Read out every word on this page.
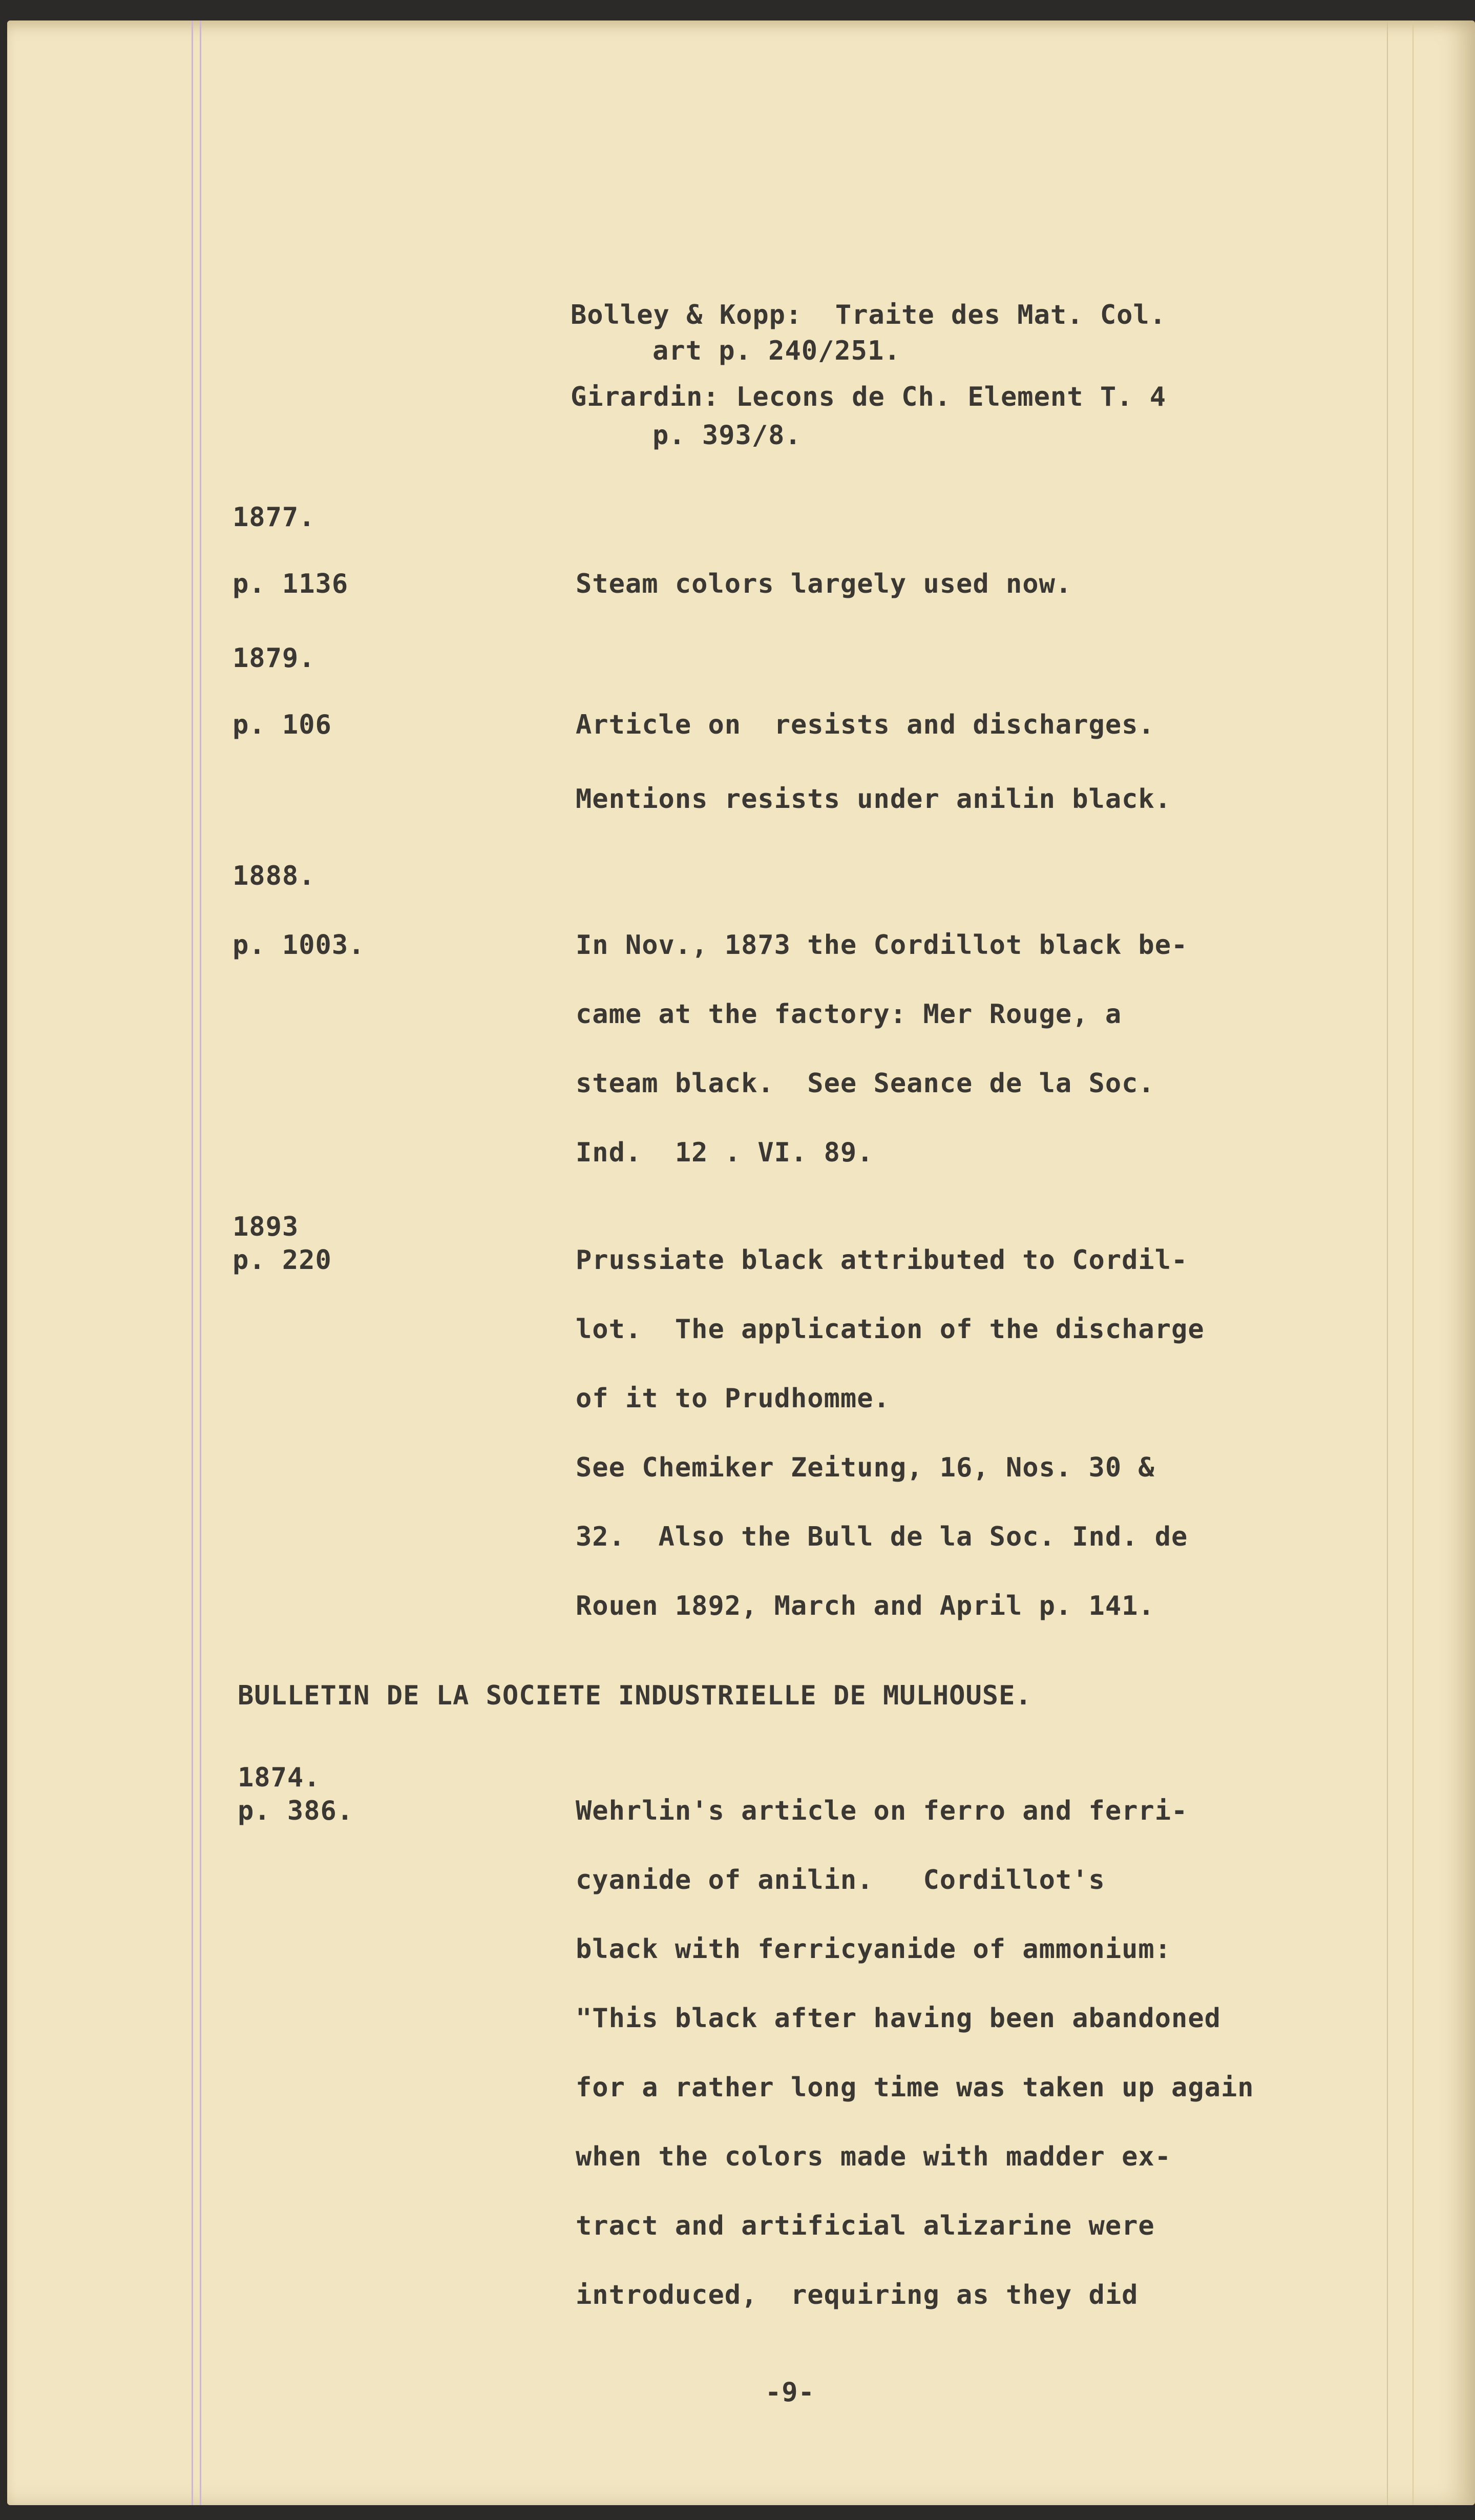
Bolley & Kopp:  Traite des Mat. Col.
art p. 240/251.
Girardin: Lecons de Ch. Element T. 4
p. 393/8.
1877.
p. 1136	Steam colors largely used now.
1879.
p. 106	Article on  resists and discharges.
Mentions resists under anilin black.
1888.
p. 1003.	In Nov., 1873 the Cordillot black be-
came at the factory: Mer Rouge, a
steam black.  See Seance de la Soc.
Ind.  12 . VI. 89.
1893
p. 220	Prussiate black attributed to Cordil-
lot.  The application of the discharge
of it to Prudhomme.
See Chemiker Zeitung, 16, Nos. 30 &
32.  Also the Bull de la Soc. Ind. de
Rouen 1892, March and April p. 141.
BULLETIN DE LA SOCIETE INDUSTRIELLE DE MULHOUSE.
1874.
p. 386.	Wehrlin's article on ferro and ferri-
cyanide of anilin.   Cordillot's
black with ferricyanide of ammonium:
"This black after having been abandoned
for a rather long time was taken up again
when the colors made with madder ex-
tract and artificial alizarine were
introduced,  requiring as they did
-9-
